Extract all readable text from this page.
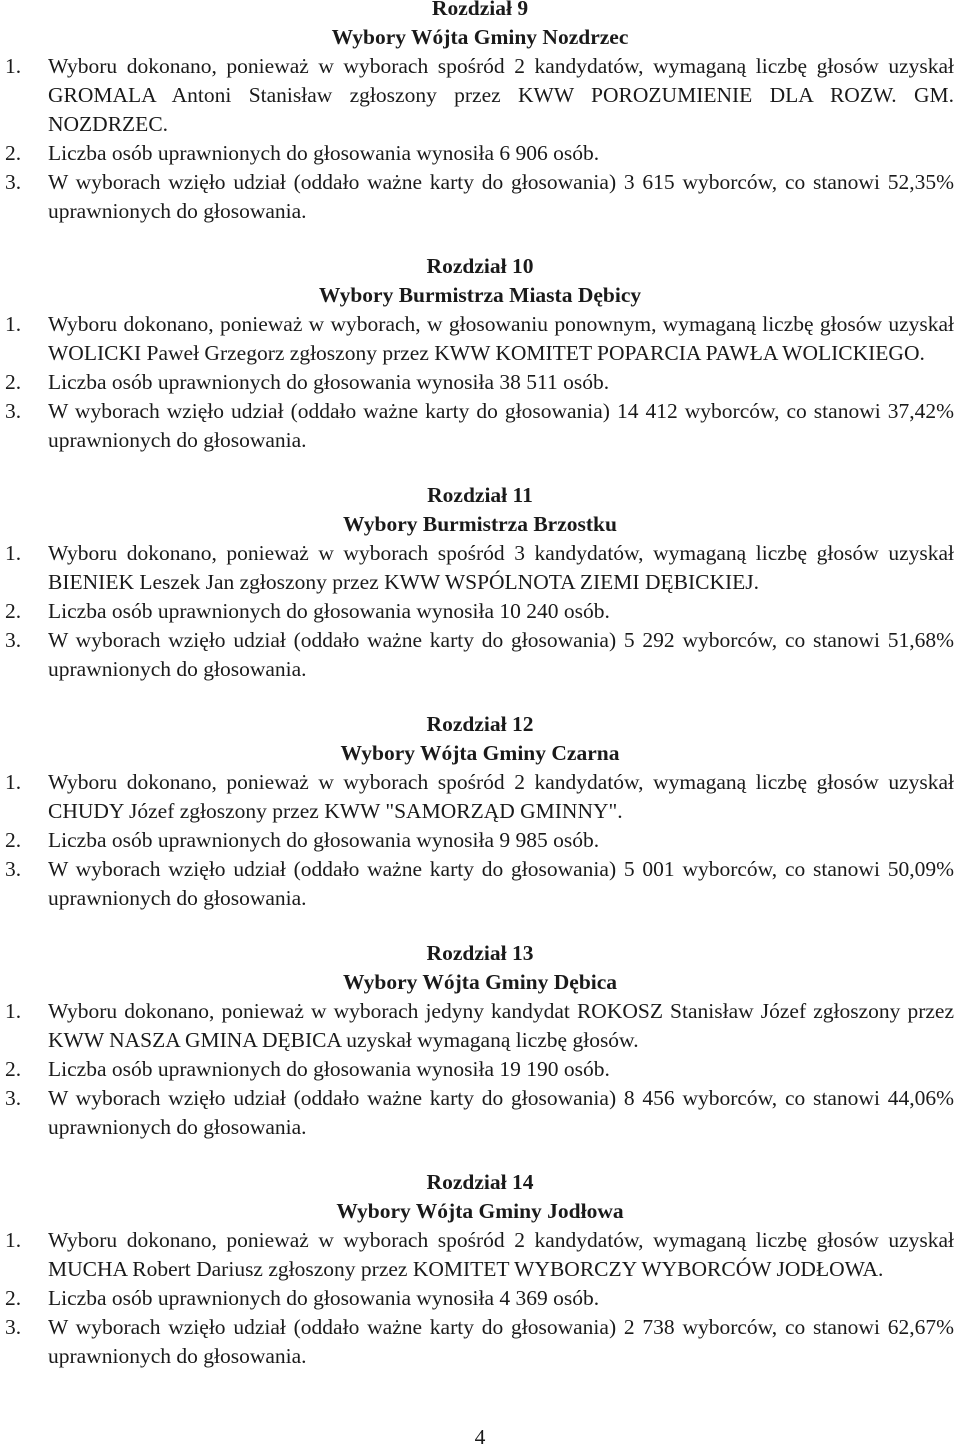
Rozdział 9
Wybory Wójta Gminy Nozdrzec
1. Wyboru dokonano, ponieważ w wyborach spośród 2 kandydatów, wymaganą liczbę głosów uzyskał GROMALA Antoni Stanisław zgłoszony przez KWW POROZUMIENIE DLA ROZW. GM. NOZDRZEC.
2. Liczba osób uprawnionych do głosowania wynosiła 6 906 osób.
3. W wyborach wzięło udział (oddało ważne karty do głosowania) 3 615 wyborców, co stanowi 52,35% uprawnionych do głosowania.
Rozdział 10
Wybory Burmistrza Miasta Dębicy
1. Wyboru dokonano, ponieważ w wyborach, w głosowaniu ponownym, wymaganą liczbę głosów uzyskał WOLICKI Paweł Grzegorz zgłoszony przez KWW KOMITET POPARCIA PAWŁA WOLICKIEGO.
2. Liczba osób uprawnionych do głosowania wynosiła 38 511 osób.
3. W wyborach wzięło udział (oddało ważne karty do głosowania) 14 412 wyborców, co stanowi 37,42% uprawnionych do głosowania.
Rozdział 11
Wybory Burmistrza Brzostku
1. Wyboru dokonano, ponieważ w wyborach spośród 3 kandydatów, wymaganą liczbę głosów uzyskał BIENIEK Leszek Jan zgłoszony przez KWW WSPÓLNOTA ZIEMI DĘBICKIEJ.
2. Liczba osób uprawnionych do głosowania wynosiła 10 240 osób.
3. W wyborach wzięło udział (oddało ważne karty do głosowania) 5 292 wyborców, co stanowi 51,68% uprawnionych do głosowania.
Rozdział 12
Wybory Wójta Gminy Czarna
1. Wyboru dokonano, ponieważ w wyborach spośród 2 kandydatów, wymaganą liczbę głosów uzyskał CHUDY Józef zgłoszony przez KWW "SAMORZĄD GMINNY".
2. Liczba osób uprawnionych do głosowania wynosiła 9 985 osób.
3. W wyborach wzięło udział (oddało ważne karty do głosowania) 5 001 wyborców, co stanowi 50,09% uprawnionych do głosowania.
Rozdział 13
Wybory Wójta Gminy Dębica
1. Wyboru dokonano, ponieważ w wyborach jedyny kandydat ROKOSZ Stanisław Józef zgłoszony przez KWW NASZA GMINA DĘBICA uzyskał wymaganą liczbę głosów.
2. Liczba osób uprawnionych do głosowania wynosiła 19 190 osób.
3. W wyborach wzięło udział (oddało ważne karty do głosowania) 8 456 wyborców, co stanowi 44,06% uprawnionych do głosowania.
Rozdział 14
Wybory Wójta Gminy Jodłowa
1. Wyboru dokonano, ponieważ w wyborach spośród 2 kandydatów, wymaganą liczbę głosów uzyskał MUCHA Robert Dariusz zgłoszony przez KOMITET WYBORCZY WYBORCÓW JODŁOWA.
2. Liczba osób uprawnionych do głosowania wynosiła 4 369 osób.
3. W wyborach wzięło udział (oddało ważne karty do głosowania) 2 738 wyborców, co stanowi 62,67% uprawnionych do głosowania.
4
